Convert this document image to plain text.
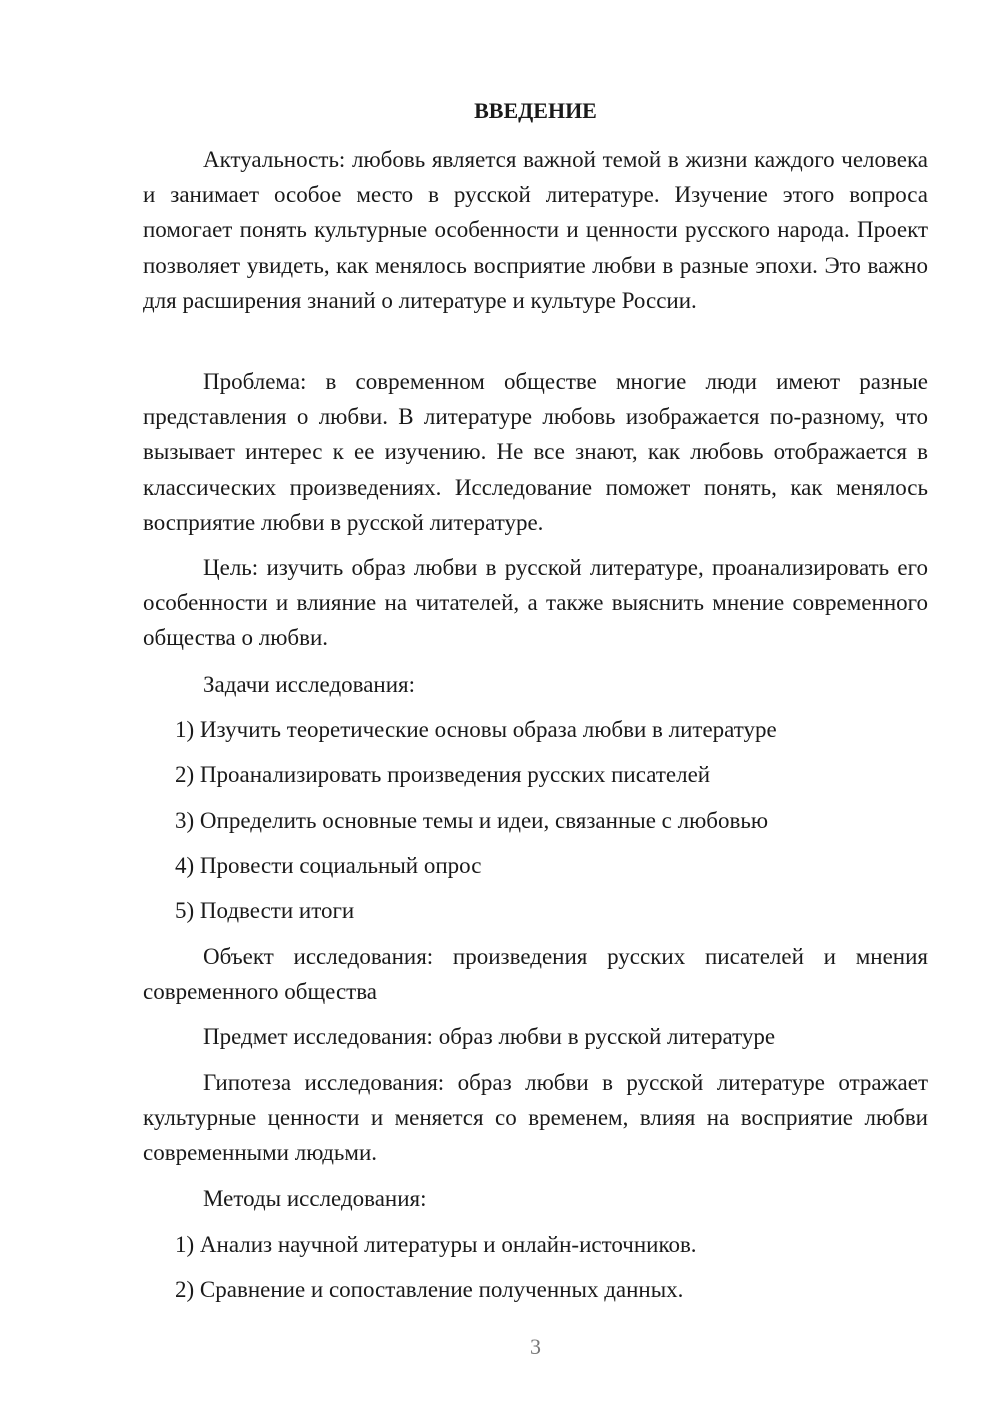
ВВЕДЕНИЕ

Актуальность: любовь является важной темой в жизни каждого человека и занимает особое место в русской литературе. Изучение этого вопроса помогает понять культурные особенности и ценности русского народа. Проект позволяет увидеть, как менялось восприятие любви в разные эпохи. Это важно для расширения знаний о литературе и культуре России.

Проблема: в современном обществе многие люди имеют разные представления о любви. В литературе любовь изображается по-разному, что вызывает интерес к ее изучению. Не все знают, как любовь отображается в классических произведениях. Исследование поможет понять, как менялось восприятие любви в русской литературе.

Цель: изучить образ любви в русской литературе, проанализировать его особенности и влияние на читателей, а также выяснить мнение современного общества о любви.

Задачи исследования:

1) Изучить теоретические основы образа любви в литературе

2) Проанализировать произведения русских писателей

3) Определить основные темы и идеи, связанные с любовью

4) Провести социальный опрос

5) Подвести итоги

Объект исследования: произведения русских писателей и мнения современного общества

Предмет исследования: образ любви в русской литературе

Гипотеза исследования: образ любви в русской литературе отражает культурные ценности и меняется со временем, влияя на восприятие любви современными людьми.

Методы исследования:

1) Анализ научной литературы и онлайн-источников.

2) Сравнение и сопоставление полученных данных.

3
